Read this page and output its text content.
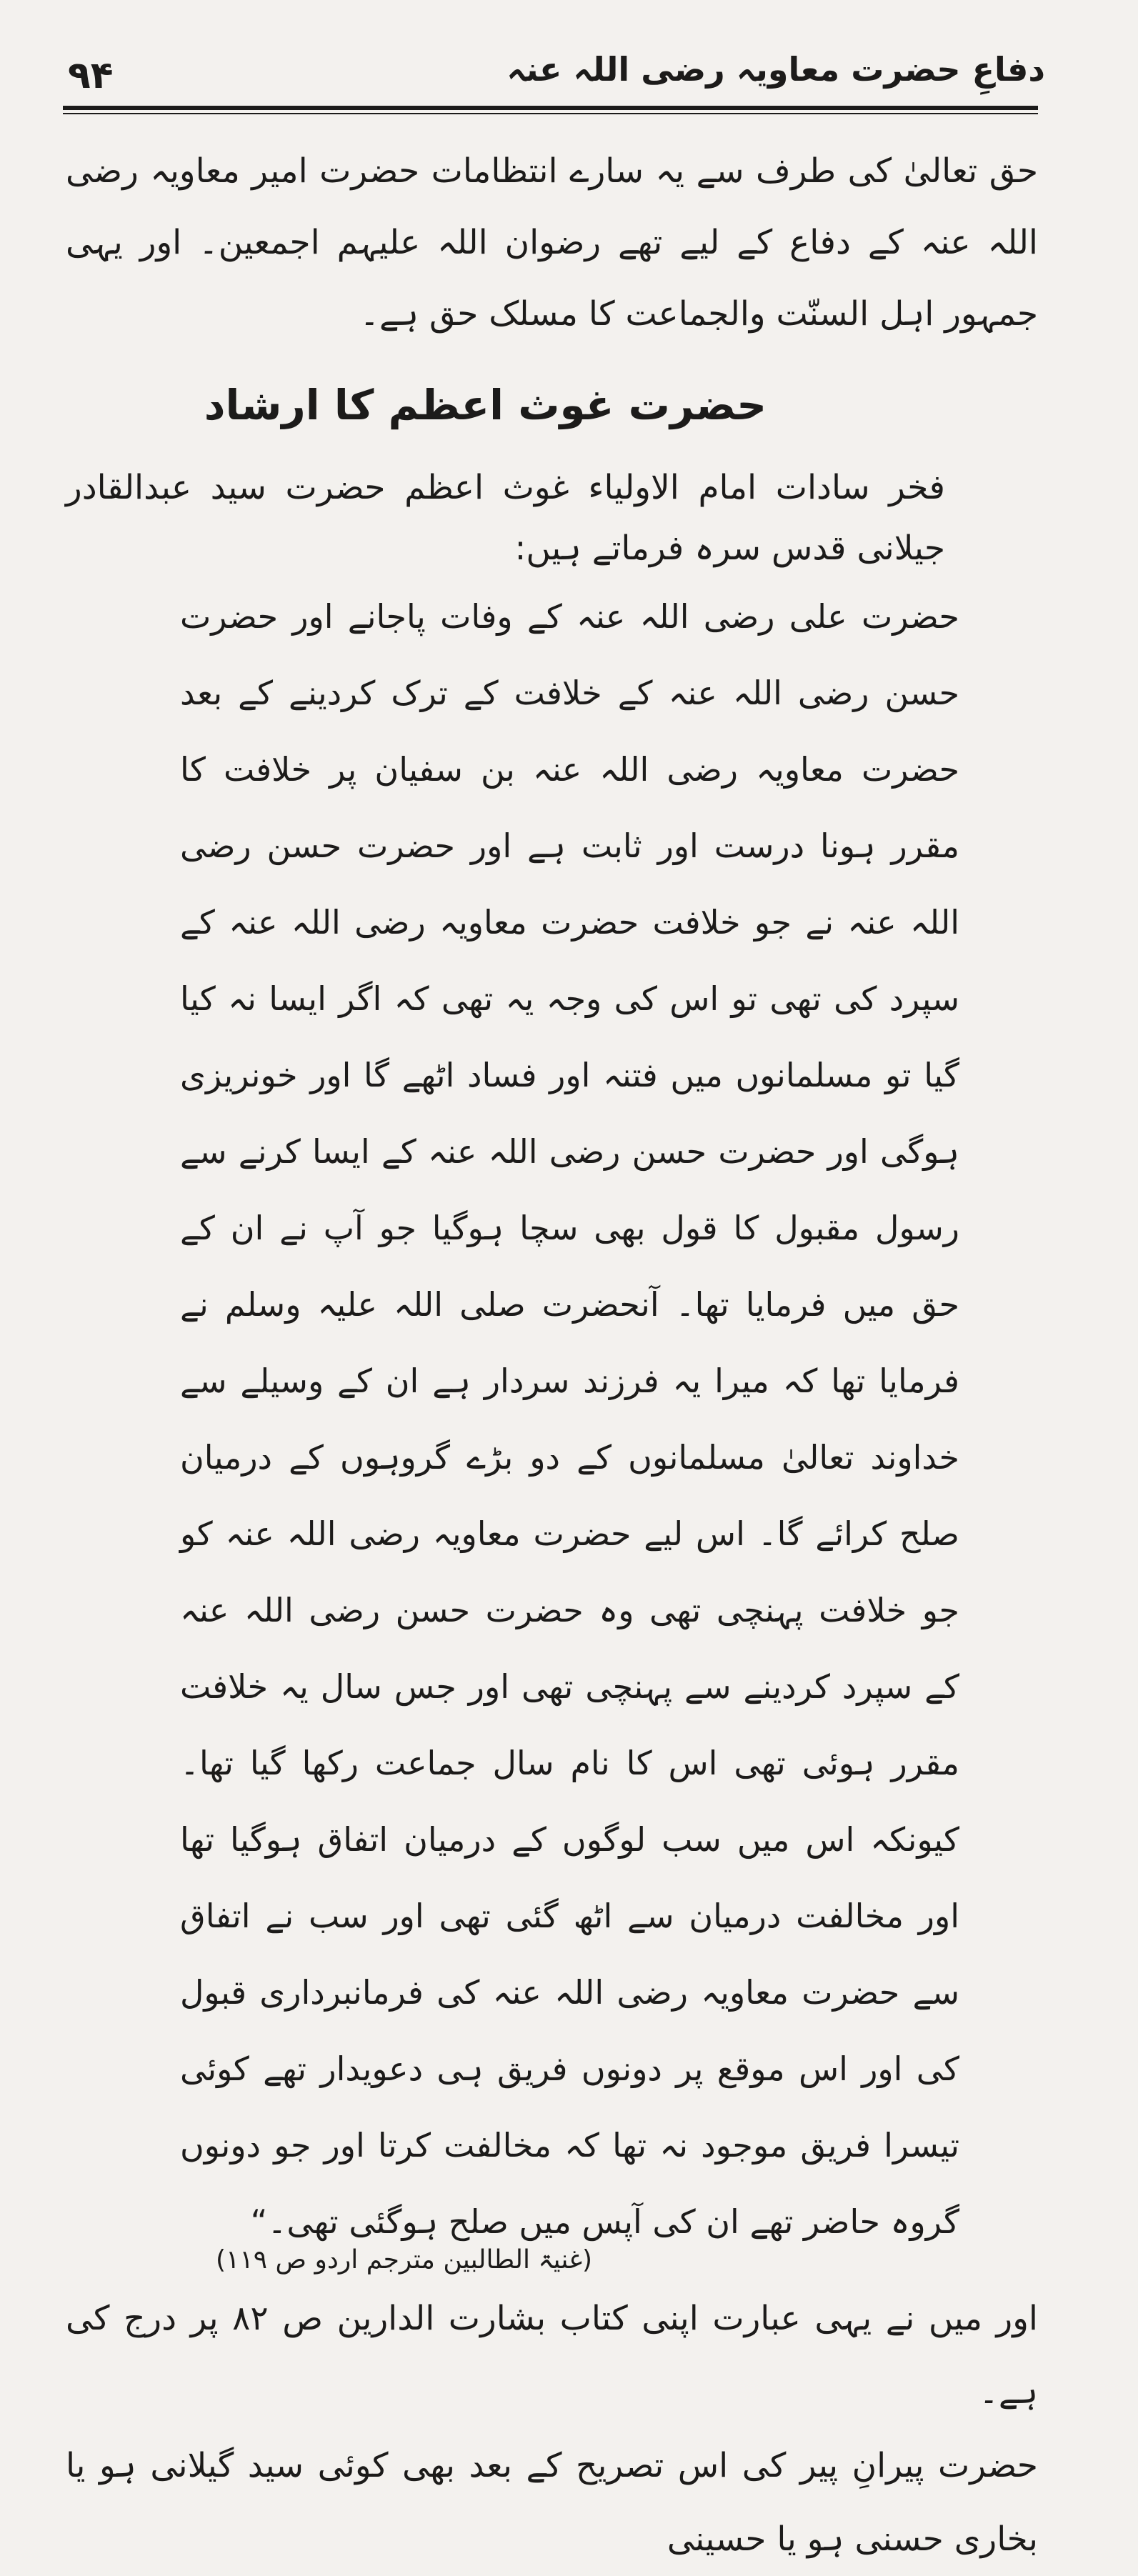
۹۴	دفاعِ حضرت معاویہ رضی اللہ عنہ

حق تعالیٰ کی طرف سے یہ سارے انتظامات حضرت امیر معاویہ رضی اللہ عنہ کے دفاع کے لیے تھے رضوان اللہ علیہم اجمعین۔ اور یہی جمہور اہل السنّت والجماعت کا مسلک حق ہے۔

حضرت غوث اعظم کا ارشاد

فخر سادات امام الاولیاء غوث اعظم حضرت سید عبدالقادر جیلانی قدس سرہ فرماتے ہیں:

حضرت علی رضی اللہ عنہ کے وفات پاجانے اور حضرت حسن رضی اللہ عنہ کے خلافت کے ترک کردینے کے بعد حضرت معاویہ رضی اللہ عنہ بن سفیان پر خلافت کا مقرر ہونا درست اور ثابت ہے اور حضرت حسن رضی اللہ عنہ نے جو خلافت حضرت معاویہ رضی اللہ عنہ کے سپرد کی تھی تو اس کی وجہ یہ تھی کہ اگر ایسا نہ کیا گیا تو مسلمانوں میں فتنہ اور فساد اٹھے گا اور خونریزی ہوگی اور حضرت حسن رضی اللہ عنہ کے ایسا کرنے سے رسول مقبول کا قول بھی سچا ہوگیا جو آپ نے ان کے حق میں فرمایا تھا۔ آنحضرت صلی اللہ علیہ وسلم نے فرمایا تھا کہ میرا یہ فرزند سردار ہے ان کے وسیلے سے خداوند تعالیٰ مسلمانوں کے دو بڑے گروہوں کے درمیان صلح کرائے گا۔ اس لیے حضرت معاویہ رضی اللہ عنہ کو جو خلافت پہنچی تھی وہ حضرت حسن رضی اللہ عنہ کے سپرد کردینے سے پہنچی تھی اور جس سال یہ خلافت مقرر ہوئی تھی اس کا نام سال جماعت رکھا گیا تھا۔ کیونکہ اس میں سب لوگوں کے درمیان اتفاق ہوگیا تھا اور مخالفت درمیان سے اٹھ گئی تھی اور سب نے اتفاق سے حضرت معاویہ رضی اللہ عنہ کی فرمانبرداری قبول کی اور اس موقع پر دونوں فریق ہی دعویدار تھے کوئی تیسرا فریق موجود نہ تھا کہ مخالفت کرتا اور جو دونوں گروہ حاضر تھے ان کی آپس میں صلح ہوگئی تھی۔“

(غنیۃ الطالبین مترجم اردو ص ۱۱۹)

اور میں نے یہی عبارت اپنی کتاب بشارت الدارین ص ۸۲ پر درج کی ہے۔

حضرت پیرانِ پیر کی اس تصریح کے بعد بھی کوئی سید گیلانی ہو یا بخاری حسنی ہو یا حسینی
